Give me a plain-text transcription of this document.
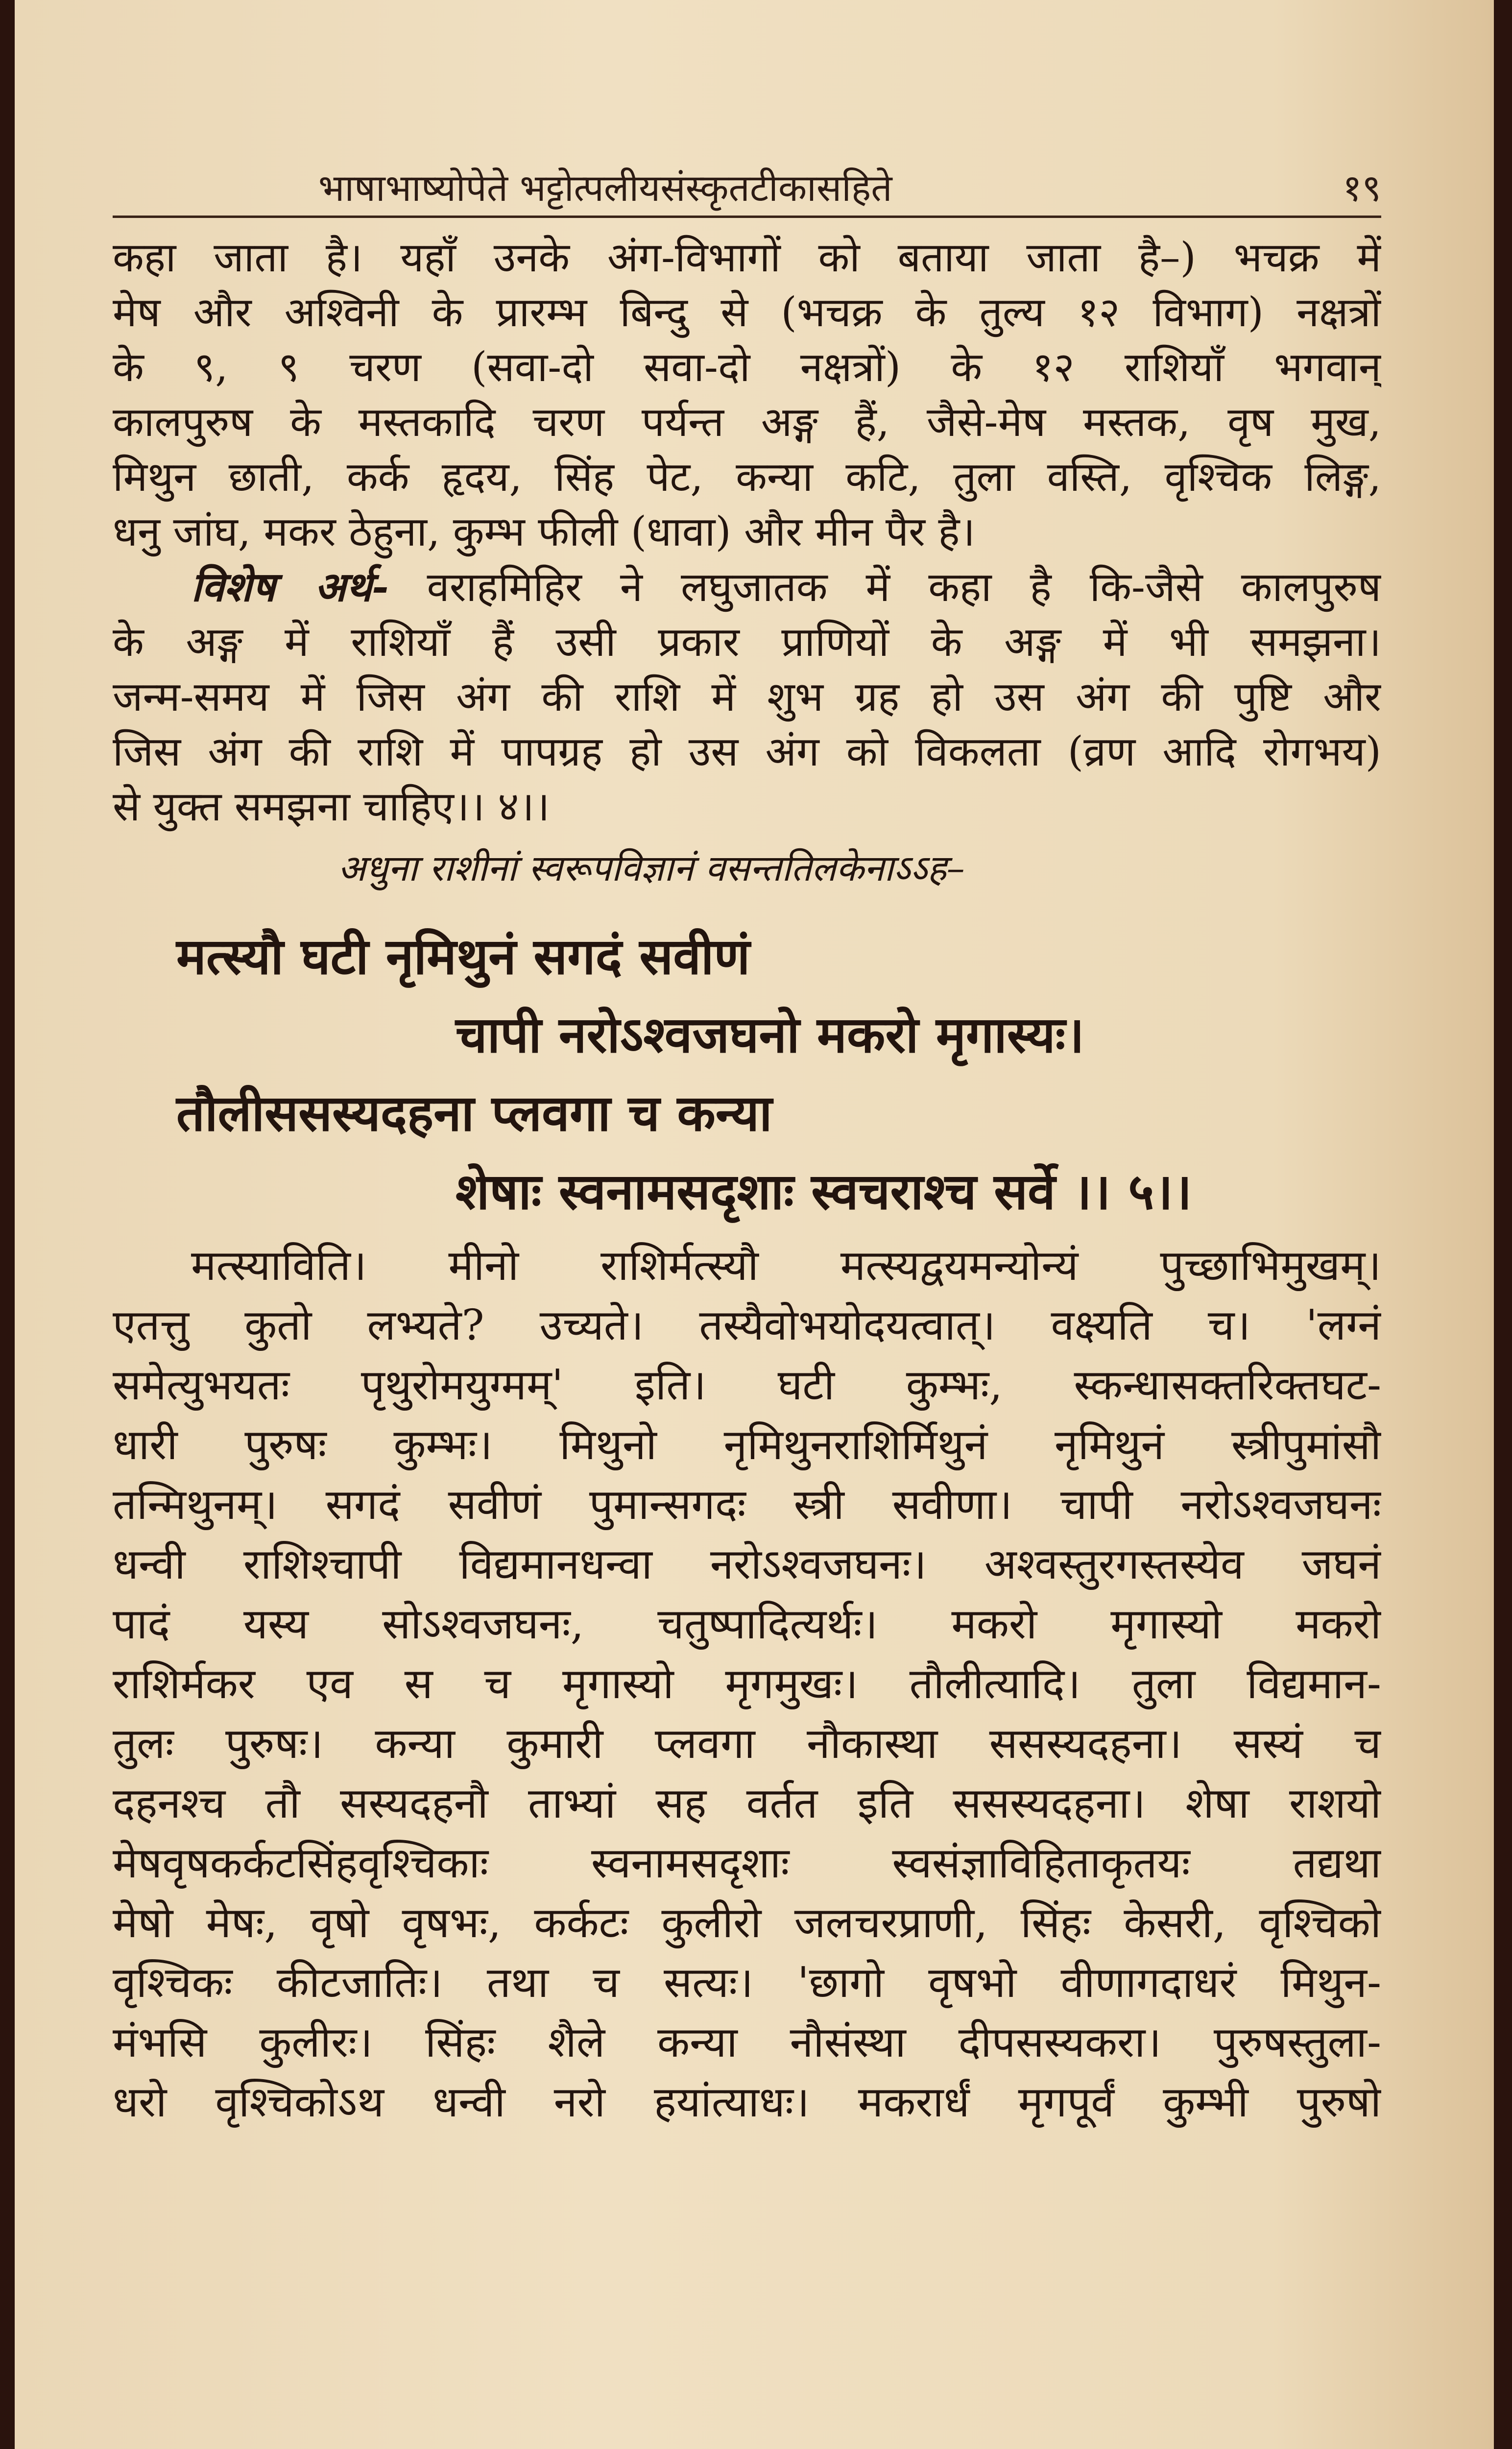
भाषाभाष्योपेते भट्टोत्पलीयसंस्कृतटीकासहिते	१९
कहा जाता है। यहाँ उनके अंग-विभागों को बताया जाता है–) भचक्र में
मेष और अश्विनी के प्रारम्भ बिन्दु से (भचक्र के तुल्य १२ विभाग) नक्षत्रों
के ९, ९ चरण (सवा-दो सवा-दो नक्षत्रों) के १२ राशियाँ भगवान्
कालपुरुष के मस्तकादि चरण पर्यन्त अङ्ग हैं, जैसे-मेष मस्तक, वृष मुख,
मिथुन छाती, कर्क हृदय, सिंह पेट, कन्या कटि, तुला वस्ति, वृश्चिक लिङ्ग,
धनु जांघ, मकर ठेहुना, कुम्भ फीली (धावा) और मीन पैर है।
विशेष अर्थ- वराहमिहिर ने लघुजातक में कहा है कि-जैसे कालपुरुष
के अङ्ग में राशियाँ हैं उसी प्रकार प्राणियों के अङ्ग में भी समझना।
जन्म-समय में जिस अंग की राशि में शुभ ग्रह हो उस अंग की पुष्टि और
जिस अंग की राशि में पापग्रह हो उस अंग को विकलता (व्रण आदि रोगभय)
से युक्त समझना चाहिए।। ४।।
अधुना राशीनां स्वरूपविज्ञानं वसन्ततिलकेनाऽऽह–
मत्स्यौ घटी नृमिथुनं सगदं सवीणं
चापी नरोऽश्वजघनो मकरो मृगास्यः।
तौलीससस्यदहना प्लवगा च कन्या
शेषाः स्वनामसदृशाः स्वचराश्च सर्वे ।। ५।।
मत्स्याविति। मीनो राशिर्मत्स्यौ मत्स्यद्वयमन्योन्यं पुच्छाभिमुखम्।
एतत्तु कुतो लभ्यते? उच्यते। तस्यैवोभयोदयत्वात्। वक्ष्यति च। 'लग्नं
समेत्युभयतः पृथुरोमयुग्मम्' इति। घटी कुम्भः, स्कन्धासक्तरिक्तघट-
धारी पुरुषः कुम्भः। मिथुनो नृमिथुनराशिर्मिथुनं नृमिथुनं स्त्रीपुमांसौ
तन्मिथुनम्। सगदं सवीणं पुमान्सगदः स्त्री सवीणा। चापी नरोऽश्वजघनः
धन्वी राशिश्चापी विद्यमानधन्वा नरोऽश्वजघनः। अश्वस्तुरगस्तस्येव जघनं
पादं यस्य सोऽश्वजघनः, चतुष्पादित्यर्थः। मकरो मृगास्यो मकरो
राशिर्मकर एव स च मृगास्यो मृगमुखः। तौलीत्यादि। तुला विद्यमान-
तुलः पुरुषः। कन्या कुमारी प्लवगा नौकास्था ससस्यदहना। सस्यं च
दहनश्च तौ सस्यदहनौ ताभ्यां सह वर्तत इति ससस्यदहना। शेषा राशयो
मेषवृषकर्कटसिंहवृश्चिकाः स्वनामसदृशाः स्वसंज्ञाविहिताकृतयः तद्यथा
मेषो मेषः, वृषो वृषभः, कर्कटः कुलीरो जलचरप्राणी, सिंहः केसरी, वृश्चिको
वृश्चिकः कीटजातिः। तथा च सत्यः। 'छागो वृषभो वीणागदाधरं मिथुन-
मंभसि कुलीरः। सिंहः शैले कन्या नौसंस्था दीपसस्यकरा। पुरुषस्तुला-
धरो वृश्चिकोऽथ धन्वी नरो हयांत्याधः। मकरार्धं मृगपूर्वं कुम्भी पुरुषो
